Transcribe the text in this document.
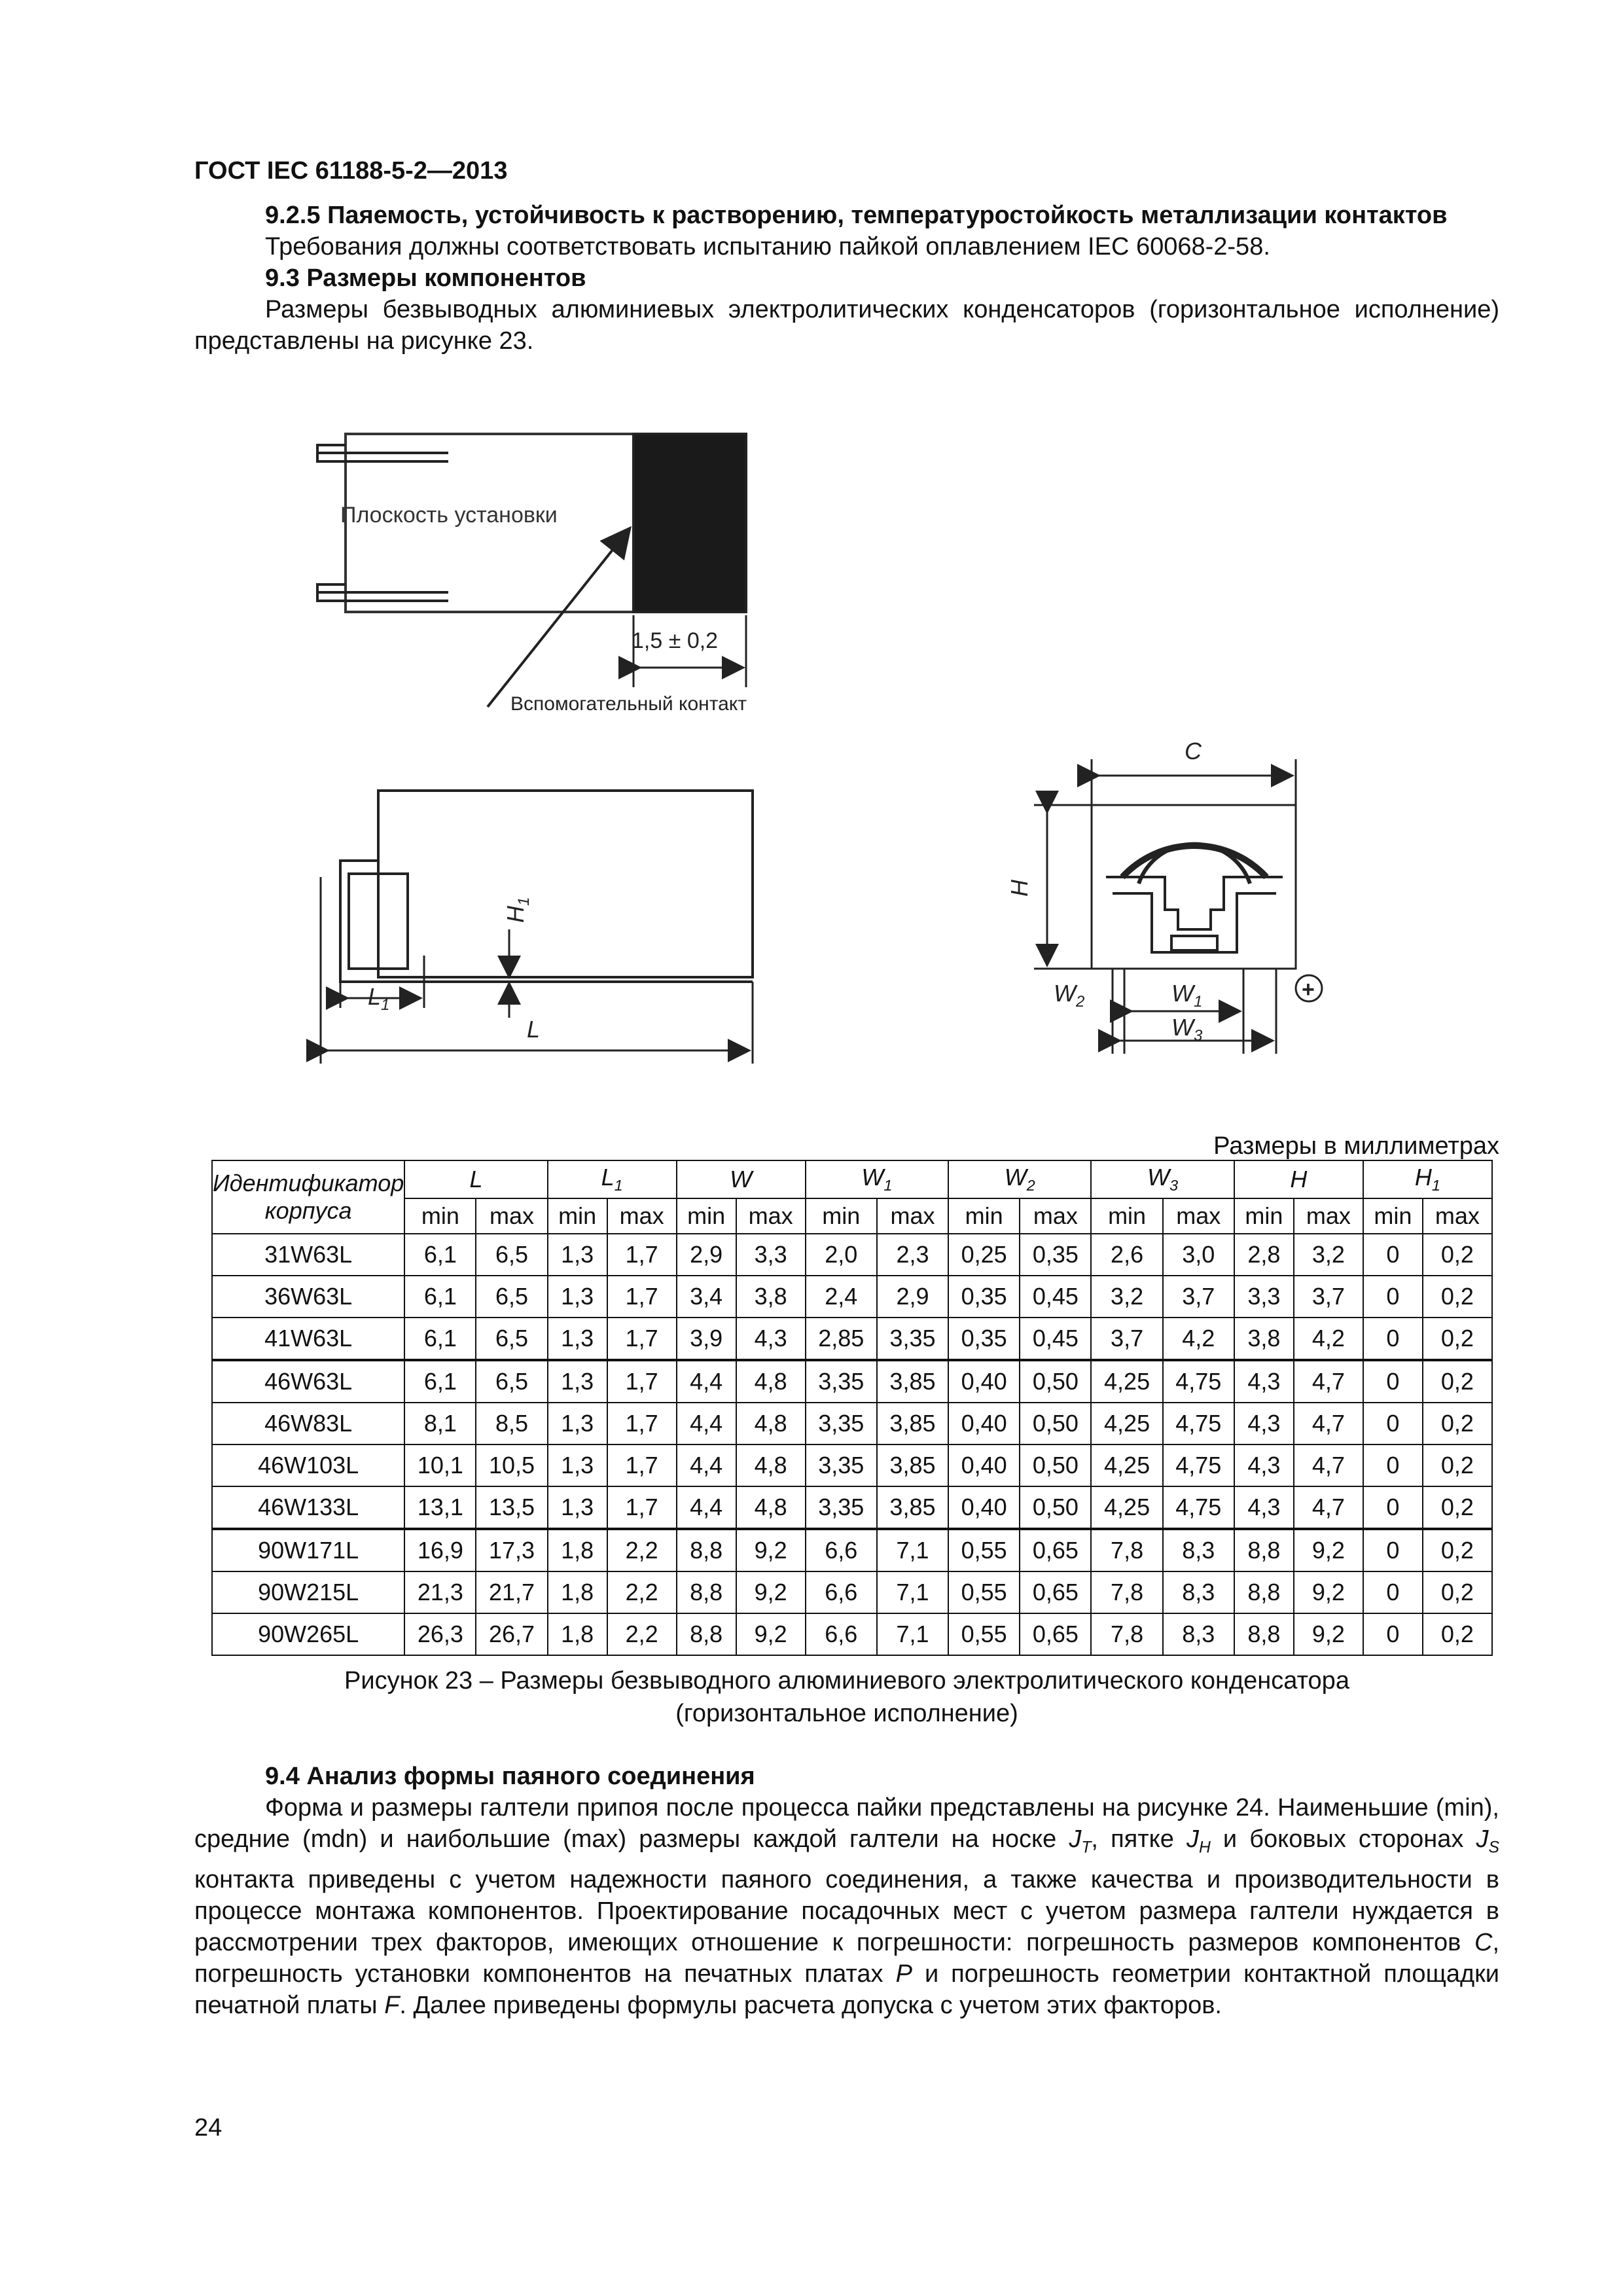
ГОСТ IEC 61188-5-2—2013
9.2.5 Паяемость, устойчивость к растворению, температуростойкость металлизации контактов
Требования должны соответствовать испытанию пайкой оплавлением IEC 60068-2-58.
9.3 Размеры компонентов
Размеры безвыводных алюминиевых электролитических конденсаторов (горизонтальное исполнение) представлены на рисунке 23.
Плоскость установки
1,5 ± 0,2
Вспомогательный контакт
$H_1$
$L_1$
L
C
H
$W_1$
$W_2$
$W_3$
+
Размеры в миллиметрах
Идентификатор корпуса	L		$L_1$		W		$W_1$		$W_2$		$W_3$		H		$H_1$
	min	max	min	max	min	max	min	max	min	max	min	max	min	max	min	max
31W63L	6,1	6,5	1,3	1,7	2,9	3,3	2,0	2,3	0,25	0,35	2,6	3,0	2,8	3,2	0	0,2
36W63L	6,1	6,5	1,3	1,7	3,4	3,8	2,4	2,9	0,35	0,45	3,2	3,7	3,3	3,7	0	0,2
41W63L	6,1	6,5	1,3	1,7	3,9	4,3	2,85	3,35	0,35	0,45	3,7	4,2	3,8	4,2	0	0,2
46W63L	6,1	6,5	1,3	1,7	4,4	4,8	3,35	3,85	0,40	0,50	4,25	4,75	4,3	4,7	0	0,2
46W83L	8,1	8,5	1,3	1,7	4,4	4,8	3,35	3,85	0,40	0,50	4,25	4,75	4,3	4,7	0	0,2
46W103L	10,1	10,5	1,3	1,7	4,4	4,8	3,35	3,85	0,40	0,50	4,25	4,75	4,3	4,7	0	0,2
46W133L	13,1	13,5	1,3	1,7	4,4	4,8	3,35	3,85	0,40	0,50	4,25	4,75	4,3	4,7	0	0,2
90W171L	16,9	17,3	1,8	2,2	8,8	9,2	6,6	7,1	0,55	0,65	7,8	8,3	8,8	9,2	0	0,2
90W215L	21,3	21,7	1,8	2,2	8,8	9,2	6,6	7,1	0,55	0,65	7,8	8,3	8,8	9,2	0	0,2
90W265L	26,3	26,7	1,8	2,2	8,8	9,2	6,6	7,1	0,55	0,65	7,8	8,3	8,8	9,2	0	0,2
Рисунок 23 – Размеры безвыводного алюминиевого электролитического конденсатора
(горизонтальное исполнение)
9.4 Анализ формы паяного соединения
Форма и размеры галтели припоя после процесса пайки представлены на рисунке 24. Наименьшие (min), средние (mdn) и наибольшие (max) размеры каждой галтели на носке $J_T$, пятке $J_H$ и боковых сторонах $J_S$ контакта приведены с учетом надежности паяного соединения, а также качества и производительности в процессе монтажа компонентов. Проектирование посадочных мест с учетом размера галтели нуждается в рассмотрении трех факторов, имеющих отношение к погрешности: погрешность размеров компонентов C, погрешность установки компонентов на печатных платах P и погрешность геометрии контактной площадки печатной платы F. Далее приведены формулы расчета допуска с учетом этих факторов.
24
